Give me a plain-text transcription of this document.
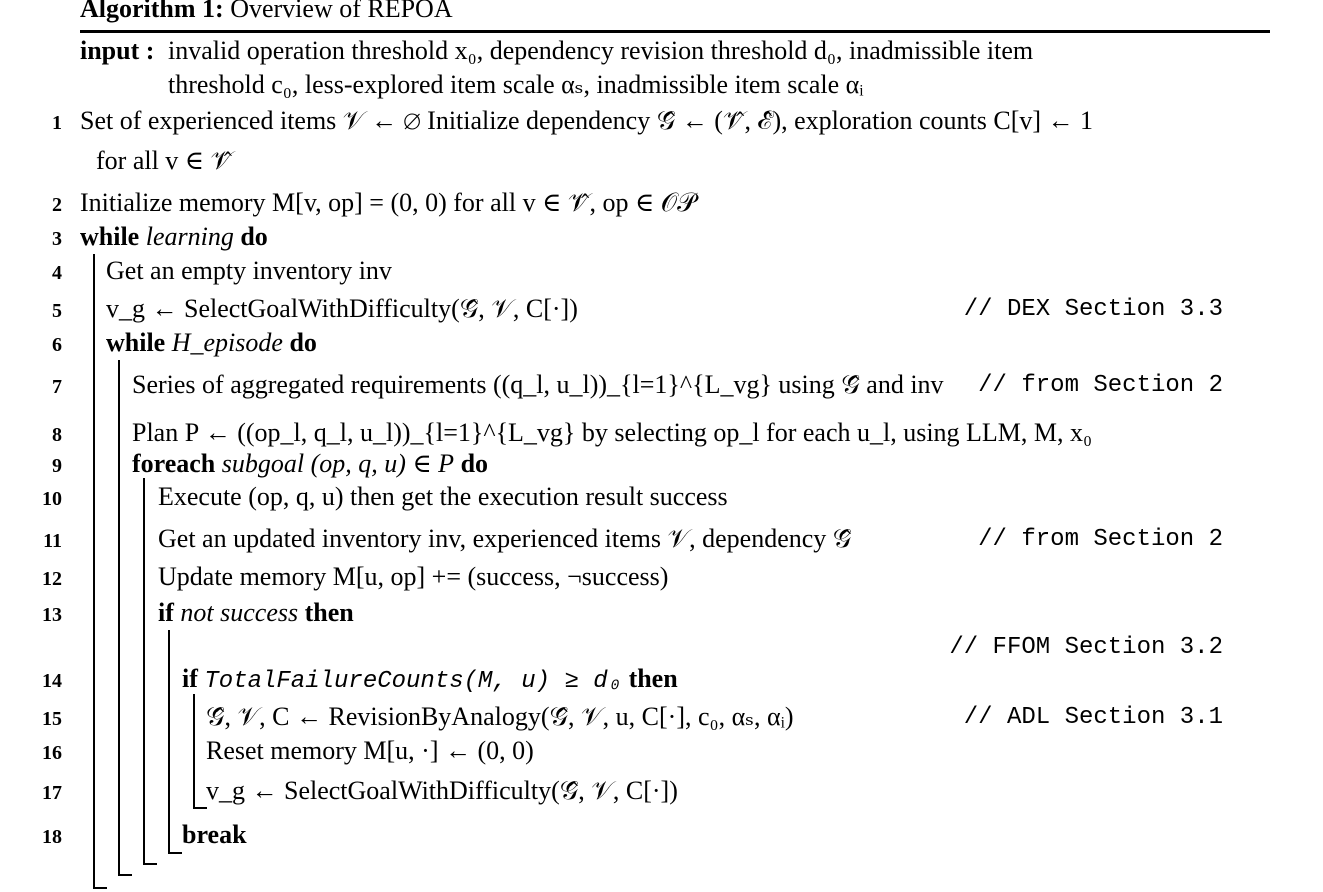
Algorithm 1: Overview of REPOA
input : invalid operation threshold x₀, dependency revision threshold d₀, inadmissible item
threshold c₀, less-explored item scale αₛ, inadmissible item scale αᵢ
1 Set of experienced items 𝒱 ← ∅ Initialize dependency 𝒢̂ ← (𝒱̂, ℰ̂), exploration counts C[v] ← 1
for all v ∈ 𝒱̂
2 Initialize memory M[v, op] = (0, 0) for all v ∈ 𝒱̂, op ∈ 𝒪𝒫
3 while learning do
4 Get an empty inventory inv
5 v_g ← SelectGoalWithDifficulty(𝒢̂, 𝒱, C[·])	// DEX Section 3.3
6 while H_episode do
7	Series of aggregated requirements ((q_l, u_l))_{l=1}^{L_vg} using 𝒢̂ and inv // from Section 2
8	Plan P ← ((op_l, q_l, u_l))_{l=1}^{L_vg} by selecting op_l for each u_l, using LLM, M, x₀
9	foreach subgoal (op, q, u) ∈ P do
10	Execute (op, q, u) then get the execution result success
11	Get an updated inventory inv, experienced items 𝒱, dependency 𝒢̂	// from Section 2
12	Update memory M[u, op] += (success, ¬success)
13	if not success then
// FFOM Section 3.2
14	if TotalFailureCounts(M, u) ≥ d₀ then
15	𝒢̂, 𝒱, C ← RevisionByAnalogy(𝒢̂, 𝒱, u, C[·], c₀, αₛ, αᵢ)	// ADL Section 3.1
16	Reset memory M[u, ·] ← (0, 0)
17	v_g ← SelectGoalWithDifficulty(𝒢̂, 𝒱, C[·])
18	break
